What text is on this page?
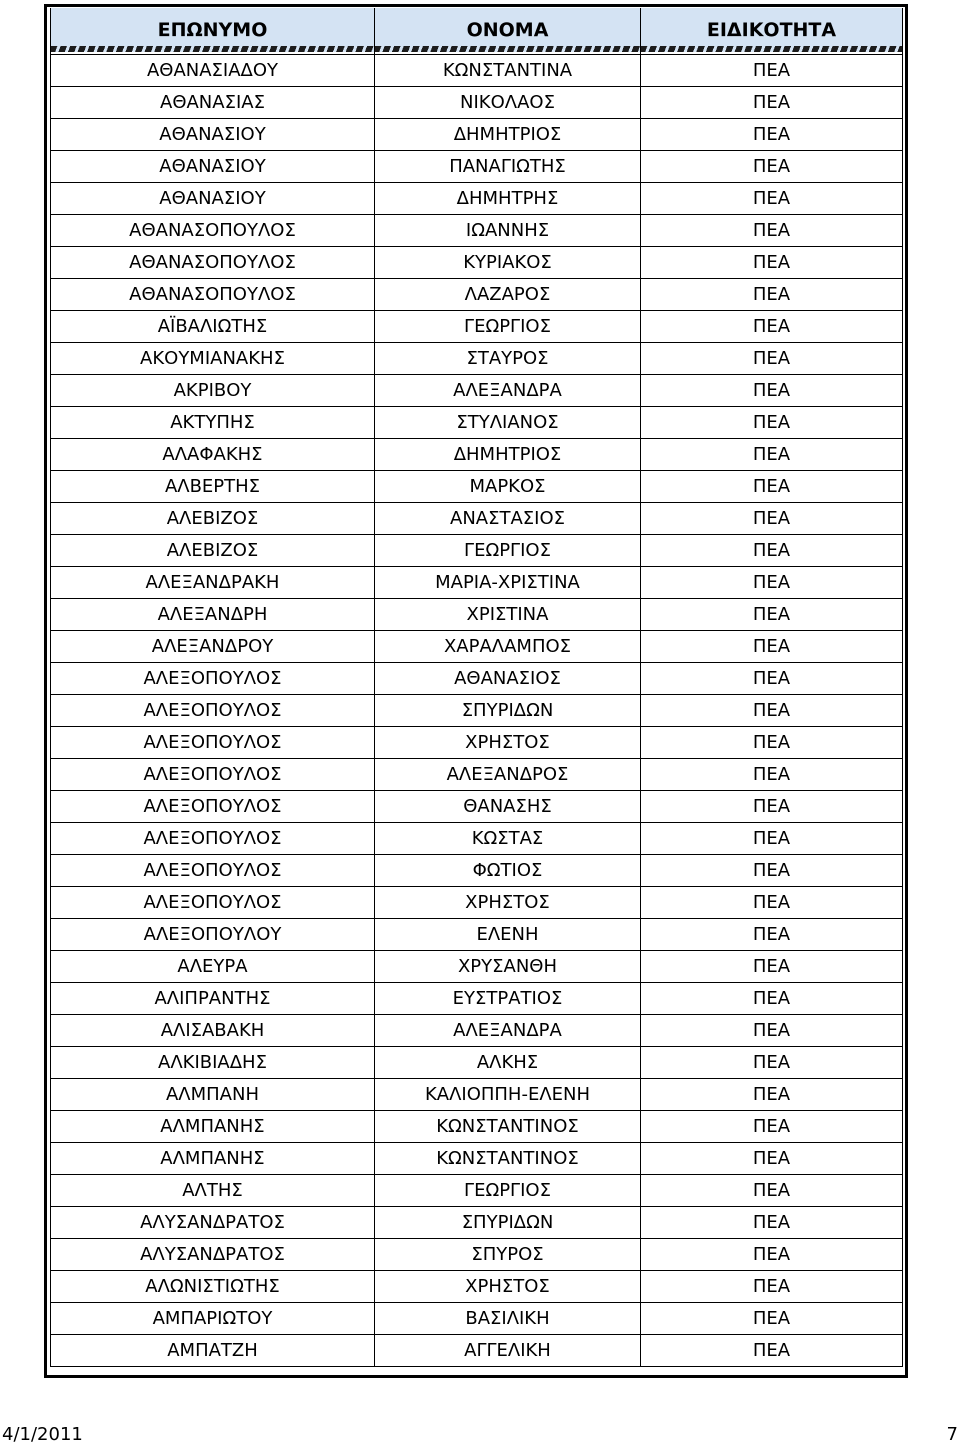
ΕΠΩΝΥΜΟ	ΟΝΟΜΑ	ΕΙΔΙΚΟΤΗΤΑ

ΑΘΑΝΑΣΙΑΔΟΥ	ΚΩΝΣΤΑΝΤΙΝΑ	ΠΕΑ
ΑΘΑΝΑΣΙΑΣ	ΝΙΚΟΛΑΟΣ	ΠΕΑ
ΑΘΑΝΑΣΙΟΥ	ΔΗΜΗΤΡΙΟΣ	ΠΕΑ
ΑΘΑΝΑΣΙΟΥ	ΠΑΝΑΓΙΩΤΗΣ	ΠΕΑ
ΑΘΑΝΑΣΙΟΥ	ΔΗΜΗΤΡΗΣ	ΠΕΑ
ΑΘΑΝΑΣΟΠΟΥΛΟΣ	ΙΩΑΝΝΗΣ	ΠΕΑ
ΑΘΑΝΑΣΟΠΟΥΛΟΣ	ΚΥΡΙΑΚΟΣ	ΠΕΑ
ΑΘΑΝΑΣΟΠΟΥΛΟΣ	ΛΑΖΑΡΟΣ	ΠΕΑ
ΑΪΒΑΛΙΩΤΗΣ	ΓΕΩΡΓΙΟΣ	ΠΕΑ
ΑΚΟΥΜΙΑΝΑΚΗΣ	ΣΤΑΥΡΟΣ	ΠΕΑ
ΑΚΡΙΒΟΥ	ΑΛΕΞΑΝΔΡΑ	ΠΕΑ
ΑΚΤΥΠΗΣ	ΣΤΥΛΙΑΝΟΣ	ΠΕΑ
ΑΛΑΦΑΚΗΣ	ΔΗΜΗΤΡΙΟΣ	ΠΕΑ
ΑΛΒΕΡΤΗΣ	ΜΑΡΚΟΣ	ΠΕΑ
ΑΛΕΒΙΖΟΣ	ΑΝΑΣΤΑΣΙΟΣ	ΠΕΑ
ΑΛΕΒΙΖΟΣ	ΓΕΩΡΓΙΟΣ	ΠΕΑ
ΑΛΕΞΑΝΔΡΑΚΗ	ΜΑΡΙΑ-ΧΡΙΣΤΙΝΑ	ΠΕΑ
ΑΛΕΞΑΝΔΡΗ	ΧΡΙΣΤΙΝΑ	ΠΕΑ
ΑΛΕΞΑΝΔΡΟΥ	ΧΑΡΑΛΑΜΠΟΣ	ΠΕΑ
ΑΛΕΞΟΠΟΥΛΟΣ	ΑΘΑΝΑΣΙΟΣ	ΠΕΑ
ΑΛΕΞΟΠΟΥΛΟΣ	ΣΠΥΡΙΔΩΝ	ΠΕΑ
ΑΛΕΞΟΠΟΥΛΟΣ	ΧΡΗΣΤΟΣ	ΠΕΑ
ΑΛΕΞΟΠΟΥΛΟΣ	ΑΛΕΞΑΝΔΡΟΣ	ΠΕΑ
ΑΛΕΞΟΠΟΥΛΟΣ	ΘΑΝΑΣΗΣ	ΠΕΑ
ΑΛΕΞΟΠΟΥΛΟΣ	ΚΩΣΤΑΣ	ΠΕΑ
ΑΛΕΞΟΠΟΥΛΟΣ	ΦΩΤΙΟΣ	ΠΕΑ
ΑΛΕΞΟΠΟΥΛΟΣ	ΧΡΗΣΤΟΣ	ΠΕΑ
ΑΛΕΞΟΠΟΥΛΟΥ	ΕΛΕΝΗ	ΠΕΑ
ΑΛΕΥΡΑ	ΧΡΥΣΑΝΘΗ	ΠΕΑ
ΑΛΙΠΡΑΝΤΗΣ	ΕΥΣΤΡΑΤΙΟΣ	ΠΕΑ
ΑΛΙΣΑΒΑΚΗ	ΑΛΕΞΑΝΔΡΑ	ΠΕΑ
ΑΛΚΙΒΙΑΔΗΣ	ΑΛΚΗΣ	ΠΕΑ
ΑΛΜΠΑΝΗ	ΚΑΛΙΟΠΠΗ-ΕΛΕΝΗ	ΠΕΑ
ΑΛΜΠΑΝΗΣ	ΚΩΝΣΤΑΝΤΙΝΟΣ	ΠΕΑ
ΑΛΜΠΑΝΗΣ	ΚΩΝΣΤΑΝΤΙΝΟΣ	ΠΕΑ
ΑΛΤΗΣ	ΓΕΩΡΓΙΟΣ	ΠΕΑ
ΑΛΥΣΑΝΔΡΑΤΟΣ	ΣΠΥΡΙΔΩΝ	ΠΕΑ
ΑΛΥΣΑΝΔΡΑΤΟΣ	ΣΠΥΡΟΣ	ΠΕΑ
ΑΛΩΝΙΣΤΙΩΤΗΣ	ΧΡΗΣΤΟΣ	ΠΕΑ
ΑΜΠΑΡΙΩΤΟΥ	ΒΑΣΙΛΙΚΗ	ΠΕΑ
ΑΜΠΑΤΖΗ	ΑΓΓΕΛΙΚΗ	ΠΕΑ
4/1/2011	7
